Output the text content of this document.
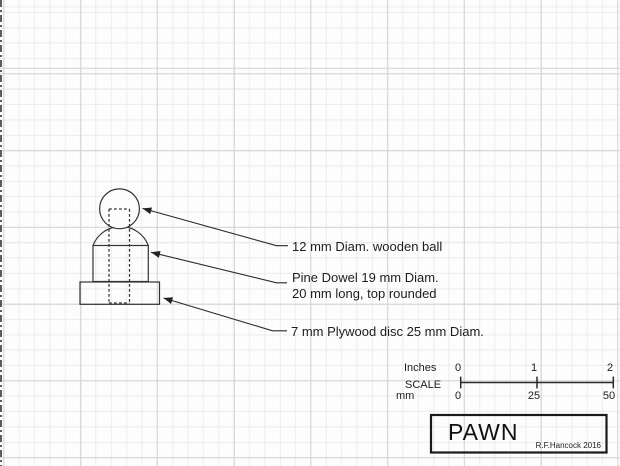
12 mm Diam. wooden ball
Pine Dowel 19 mm Diam.
20 mm long, top rounded
7 mm Plywood disc 25 mm Diam.
Inches	0	1	2
SCALE
mm	0	25	50
PAWN
R.F.Hancock 2016
